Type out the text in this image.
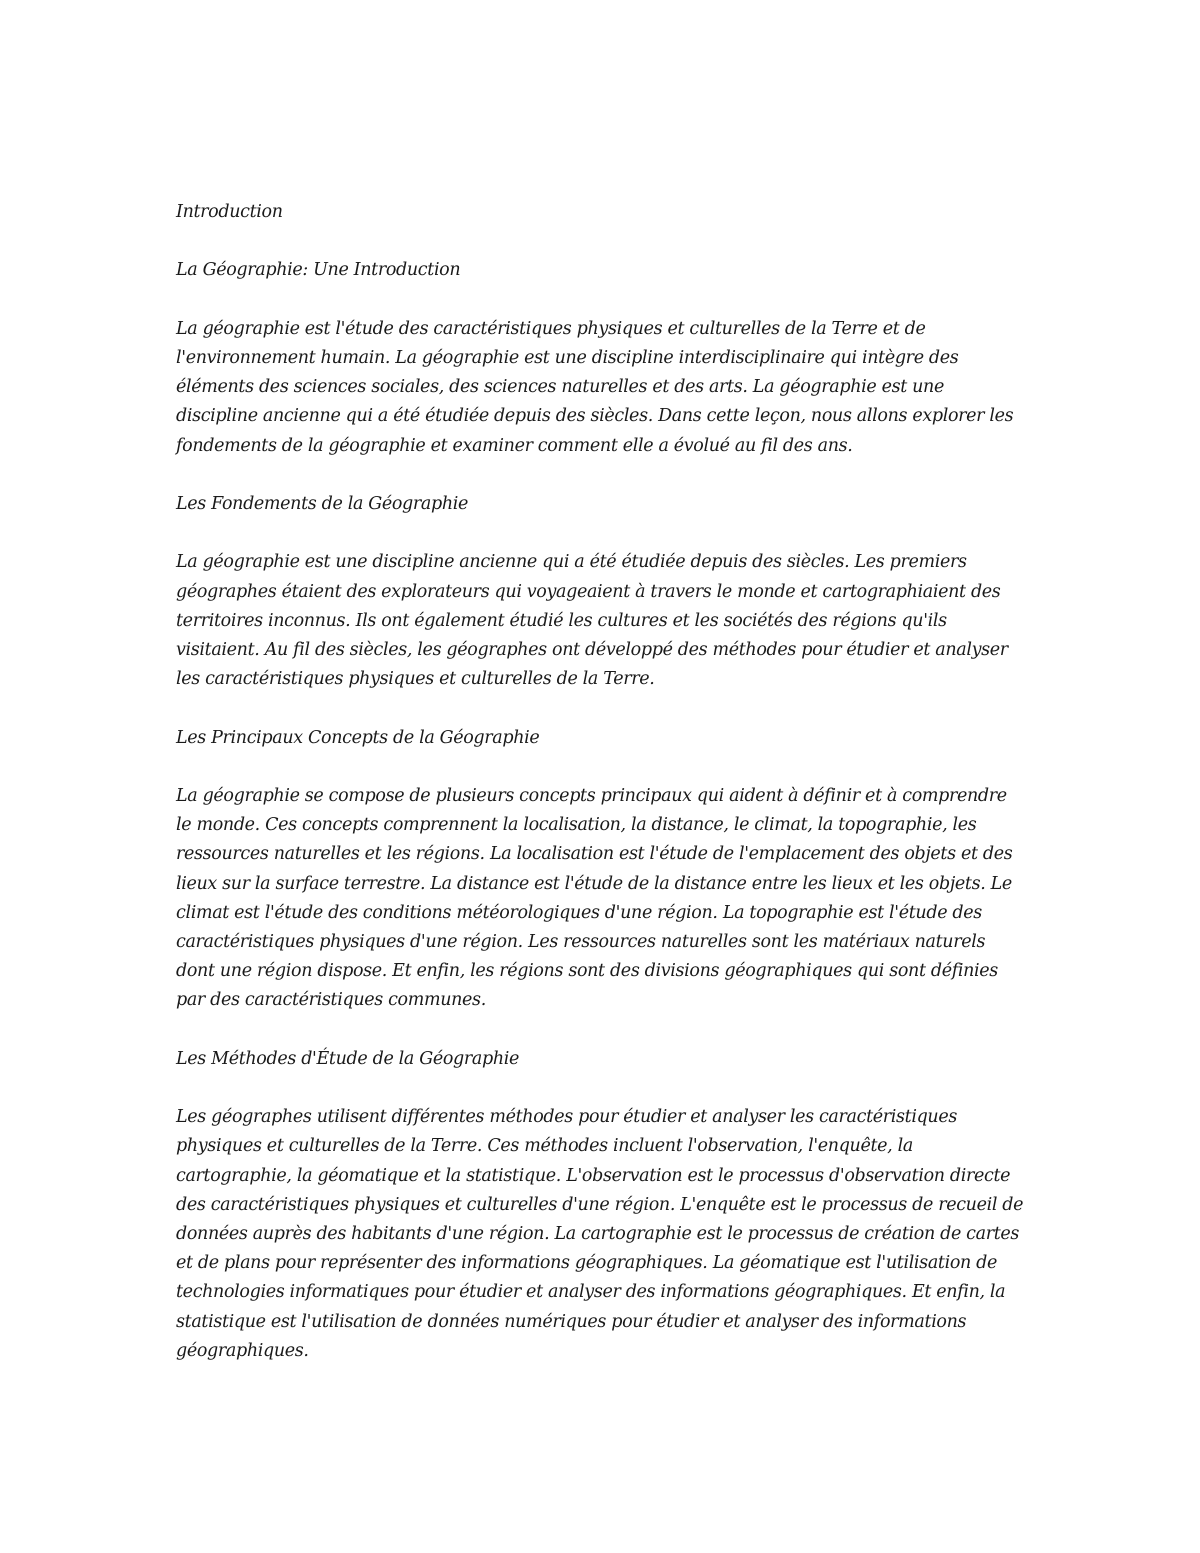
Introduction

La Géographie: Une Introduction

La géographie est l'étude des caractéristiques physiques et culturelles de la Terre et de l'environnement humain. La géographie est une discipline interdisciplinaire qui intègre des éléments des sciences sociales, des sciences naturelles et des arts. La géographie est une discipline ancienne qui a été étudiée depuis des siècles. Dans cette leçon, nous allons explorer les fondements de la géographie et examiner comment elle a évolué au fil des ans.

Les Fondements de la Géographie

La géographie est une discipline ancienne qui a été étudiée depuis des siècles. Les premiers géographes étaient des explorateurs qui voyageaient à travers le monde et cartographiaient des territoires inconnus. Ils ont également étudié les cultures et les sociétés des régions qu'ils visitaient. Au fil des siècles, les géographes ont développé des méthodes pour étudier et analyser les caractéristiques physiques et culturelles de la Terre.

Les Principaux Concepts de la Géographie

La géographie se compose de plusieurs concepts principaux qui aident à définir et à comprendre le monde. Ces concepts comprennent la localisation, la distance, le climat, la topographie, les ressources naturelles et les régions. La localisation est l'étude de l'emplacement des objets et des lieux sur la surface terrestre. La distance est l'étude de la distance entre les lieux et les objets. Le climat est l'étude des conditions météorologiques d'une région. La topographie est l'étude des caractéristiques physiques d'une région. Les ressources naturelles sont les matériaux naturels dont une région dispose. Et enfin, les régions sont des divisions géographiques qui sont définies par des caractéristiques communes.

Les Méthodes d'Étude de la Géographie

Les géographes utilisent différentes méthodes pour étudier et analyser les caractéristiques physiques et culturelles de la Terre. Ces méthodes incluent l'observation, l'enquête, la cartographie, la géomatique et la statistique. L'observation est le processus d'observation directe des caractéristiques physiques et culturelles d'une région. L'enquête est le processus de recueil de données auprès des habitants d'une région. La cartographie est le processus de création de cartes et de plans pour représenter des informations géographiques. La géomatique est l'utilisation de technologies informatiques pour étudier et analyser des informations géographiques. Et enfin, la statistique est l'utilisation de données numériques pour étudier et analyser des informations géographiques.
